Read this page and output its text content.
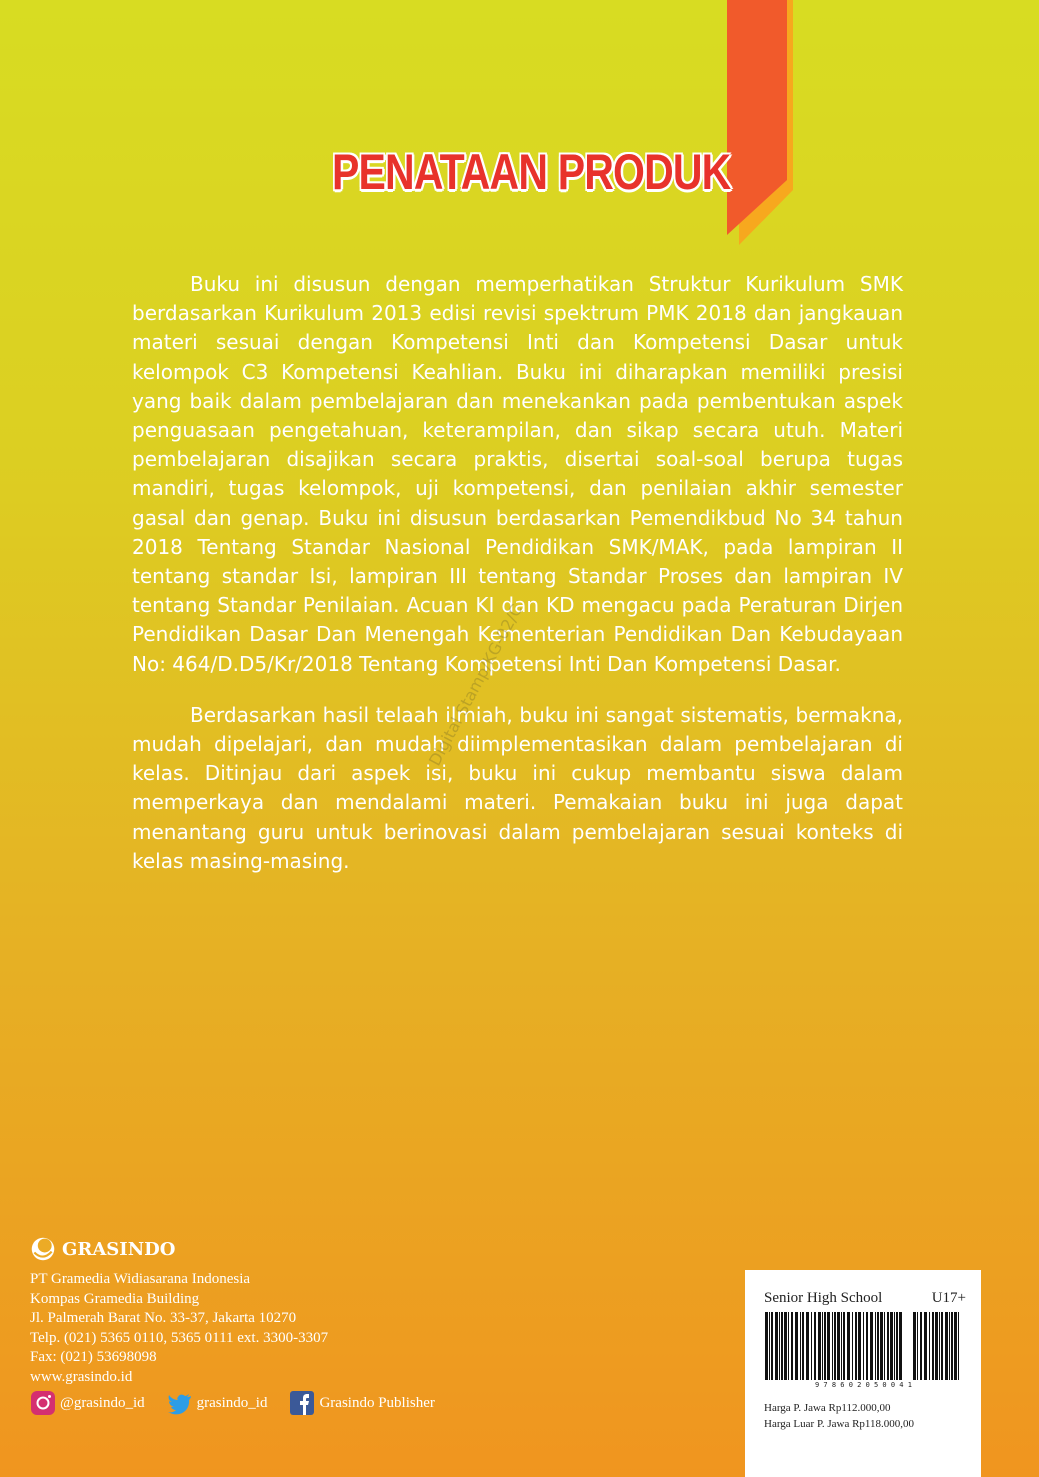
PENATAAN PRODUK

Buku ini disusun dengan memperhatikan Struktur Kurikulum SMK berdasarkan Kurikulum 2013 edisi revisi spektrum PMK 2018 dan jangkauan materi sesuai dengan Kompetensi Inti dan Kompetensi Dasar untuk kelompok C3 Kompetensi Keahlian. Buku ini diharapkan memiliki presisi yang baik dalam pembelajaran dan menekankan pada pembentukan aspek penguasaan pengetahuan, keterampilan, dan sikap secara utuh. Materi pembelajaran disajikan secara praktis, disertai soal-soal berupa tugas mandiri, tugas kelompok, uji kompetensi, dan penilaian akhir semester gasal dan genap. Buku ini disusun berdasarkan Pemendikbud No 34 tahun 2018 Tentang Standar Nasional Pendidikan SMK/MAK, pada lampiran II tentang standar Isi, lampiran III tentang Standar Proses dan lampiran IV tentang Standar Penilaian. Acuan KI dan KD mengacu pada Peraturan Dirjen Pendidikan Dasar Dan Menengah Kementerian Pendidikan Dan Kebudayaan No: 464/D.D5/Kr/2018 Tentang Kompetensi Inti Dan Kompetensi Dasar.

Berdasarkan hasil telaah ilmiah, buku ini sangat sistematis, bermakna, mudah dipelajari, dan mudah diimplementasikan dalam pembelajaran di kelas. Ditinjau dari aspek isi, buku ini cukup membantu siswa dalam memperkaya dan mendalami materi. Pemakaian buku ini juga dapat menantang guru untuk berinovasi dalam pembelajaran sesuai konteks di kelas masing-masing.

Digital Stamp/KG-02/C
GRASINDO
PT Gramedia Widiasarana Indonesia
Kompas Gramedia Building
Jl. Palmerah Barat No. 33-37, Jakarta 10270
Telp. (021) 5365 0110, 5365 0111 ext. 3300-3307
Fax: (021) 53698098
www.grasindo.id
@grasindo_id	grasindo_id	Grasindo Publisher
Senior High School	U17+
9 7 8 6 0 2 0 5 0 0 4 1
Harga P. Jawa Rp112.000,00
Harga Luar P. Jawa Rp118.000,00
